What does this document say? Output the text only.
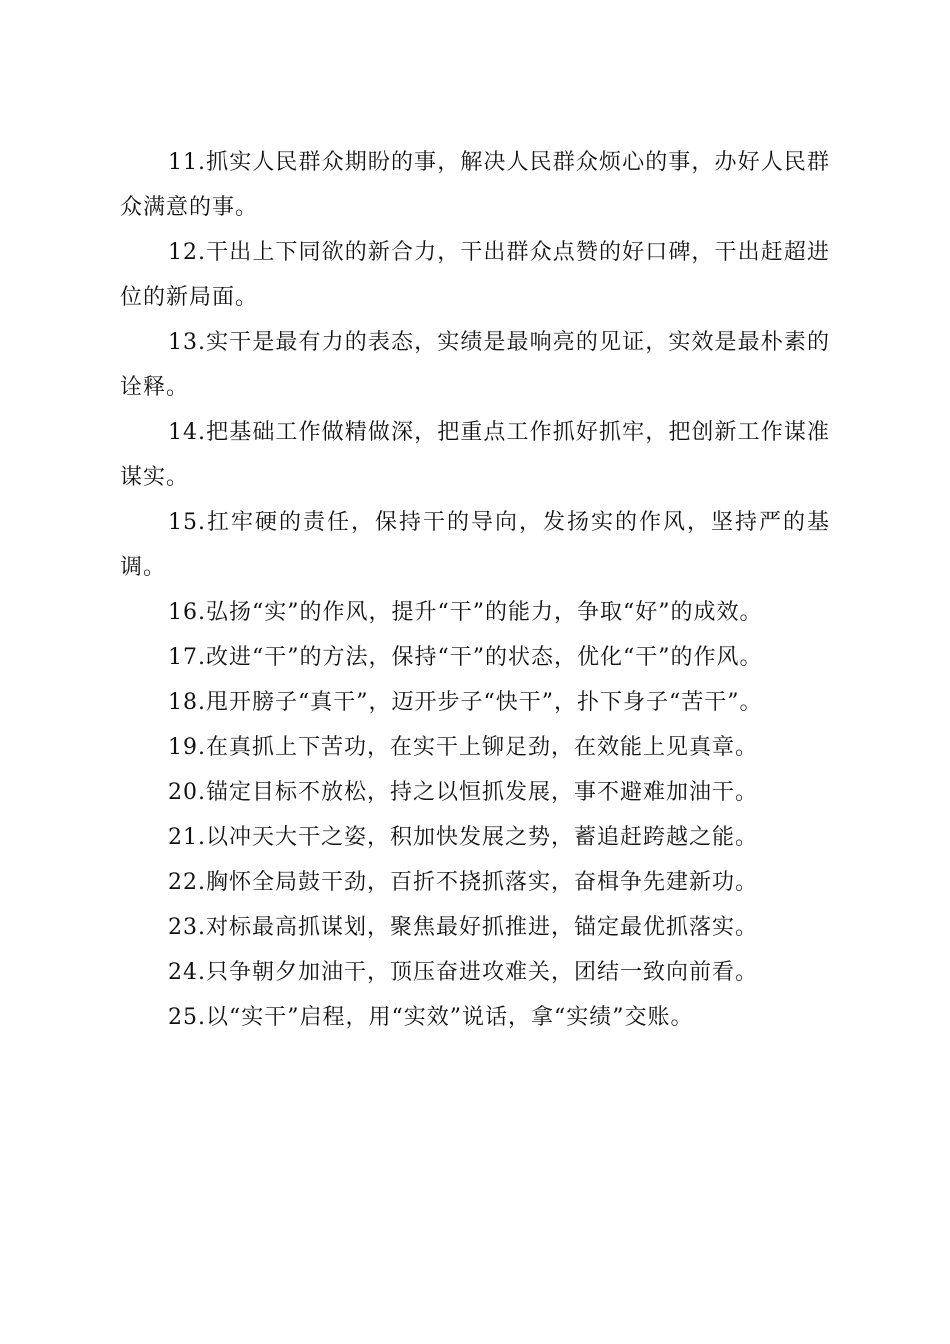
11.抓实人民群众期盼的事，解决人民群众烦心的事，办好人民群众满意的事。

12.干出上下同欲的新合力，干出群众点赞的好口碑，干出赶超进位的新局面。

13.实干是最有力的表态，实绩是最响亮的见证，实效是最朴素的诠释。

14.把基础工作做精做深，把重点工作抓好抓牢，把创新工作谋准谋实。

15.扛牢硬的责任，保持干的导向，发扬实的作风，坚持严的基调。

16.弘扬“实”的作风，提升“干”的能力，争取“好”的成效。

17.改进“干”的方法，保持“干”的状态，优化“干”的作风。

18.甩开膀子“真干”，迈开步子“快干”，扑下身子“苦干”。

19.在真抓上下苦功，在实干上铆足劲，在效能上见真章。

20.锚定目标不放松，持之以恒抓发展，事不避难加油干。

21.以冲天大干之姿，积加快发展之势，蓄追赶跨越之能。

22.胸怀全局鼓干劲，百折不挠抓落实，奋楫争先建新功。

23.对标最高抓谋划，聚焦最好抓推进，锚定最优抓落实。

24.只争朝夕加油干，顶压奋进攻难关，团结一致向前看。

25.以“实干”启程，用“实效”说话，拿“实绩”交账。
